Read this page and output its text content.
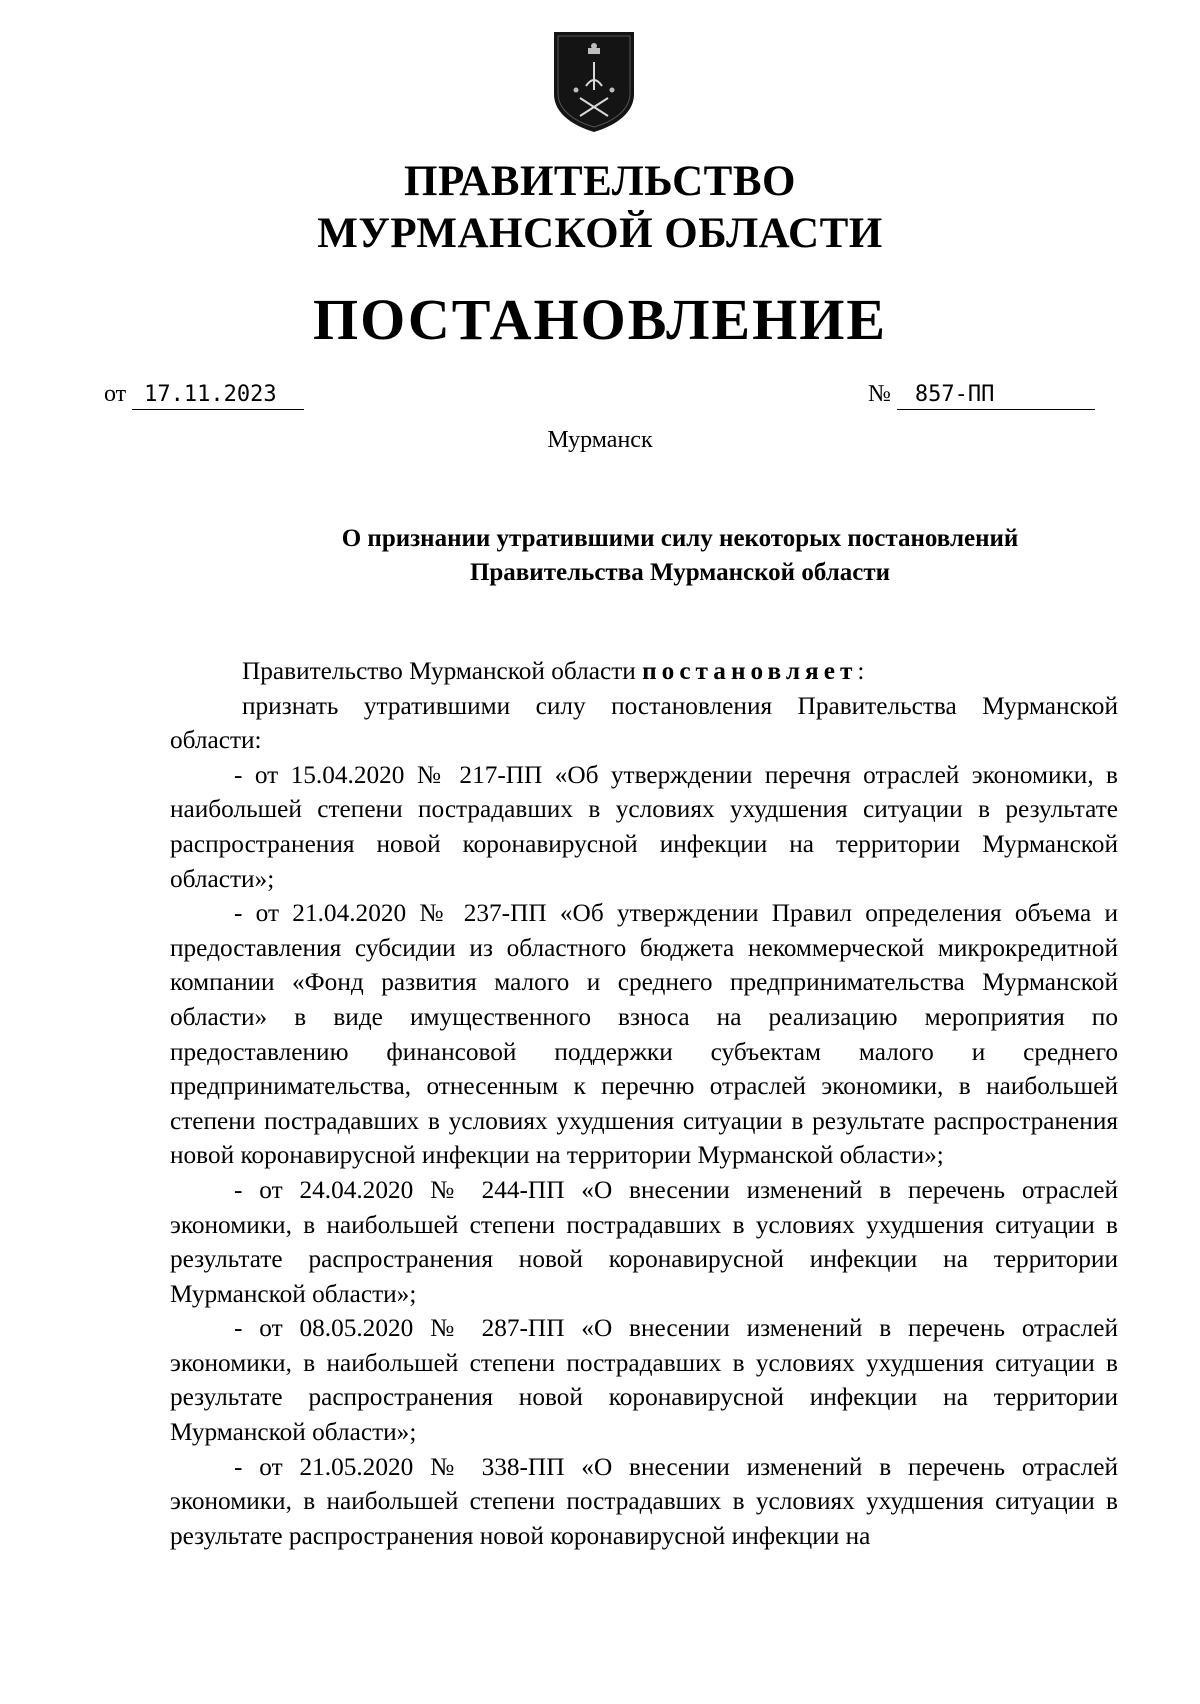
ПРАВИТЕЛЬСТВО
МУРМАНСКОЙ ОБЛАСТИ
ПОСТАНОВЛЕНИЕ
от 17.11.2023	№ 857-ПП
Мурманск
О признании утратившими силу некоторых постановлений
Правительства Мурманской области

Правительство Мурманской области постановляет:

признать утратившими силу постановления Правительства Мурманской области:

- от 15.04.2020 № 217-ПП «Об утверждении перечня отраслей экономики, в наибольшей степени пострадавших в условиях ухудшения ситуации в результате распространения новой коронавирусной инфекции на территории Мурманской области»;

- от 21.04.2020 № 237-ПП «Об утверждении Правил определения объема и предоставления субсидии из областного бюджета некоммерческой микрокредитной компании «Фонд развития малого и среднего предпринимательства Мурманской области» в виде имущественного взноса на реализацию мероприятия по предоставлению финансовой поддержки субъектам малого и среднего предпринимательства, отнесенным к перечню отраслей экономики, в наибольшей степени пострадавших в условиях ухудшения ситуации в результате распространения новой коронавирусной инфекции на территории Мурманской области»;

- от 24.04.2020 № 244-ПП «О внесении изменений в перечень отраслей экономики, в наибольшей степени пострадавших в условиях ухудшения ситуации в результате распространения новой коронавирусной инфекции на территории Мурманской области»;

- от 08.05.2020 № 287-ПП «О внесении изменений в перечень отраслей экономики, в наибольшей степени пострадавших в условиях ухудшения ситуации в результате распространения новой коронавирусной инфекции на территории Мурманской области»;

- от 21.05.2020 № 338-ПП «О внесении изменений в перечень отраслей экономики, в наибольшей степени пострадавших в условиях ухудшения ситуации в результате распространения новой коронавирусной инфекции на
